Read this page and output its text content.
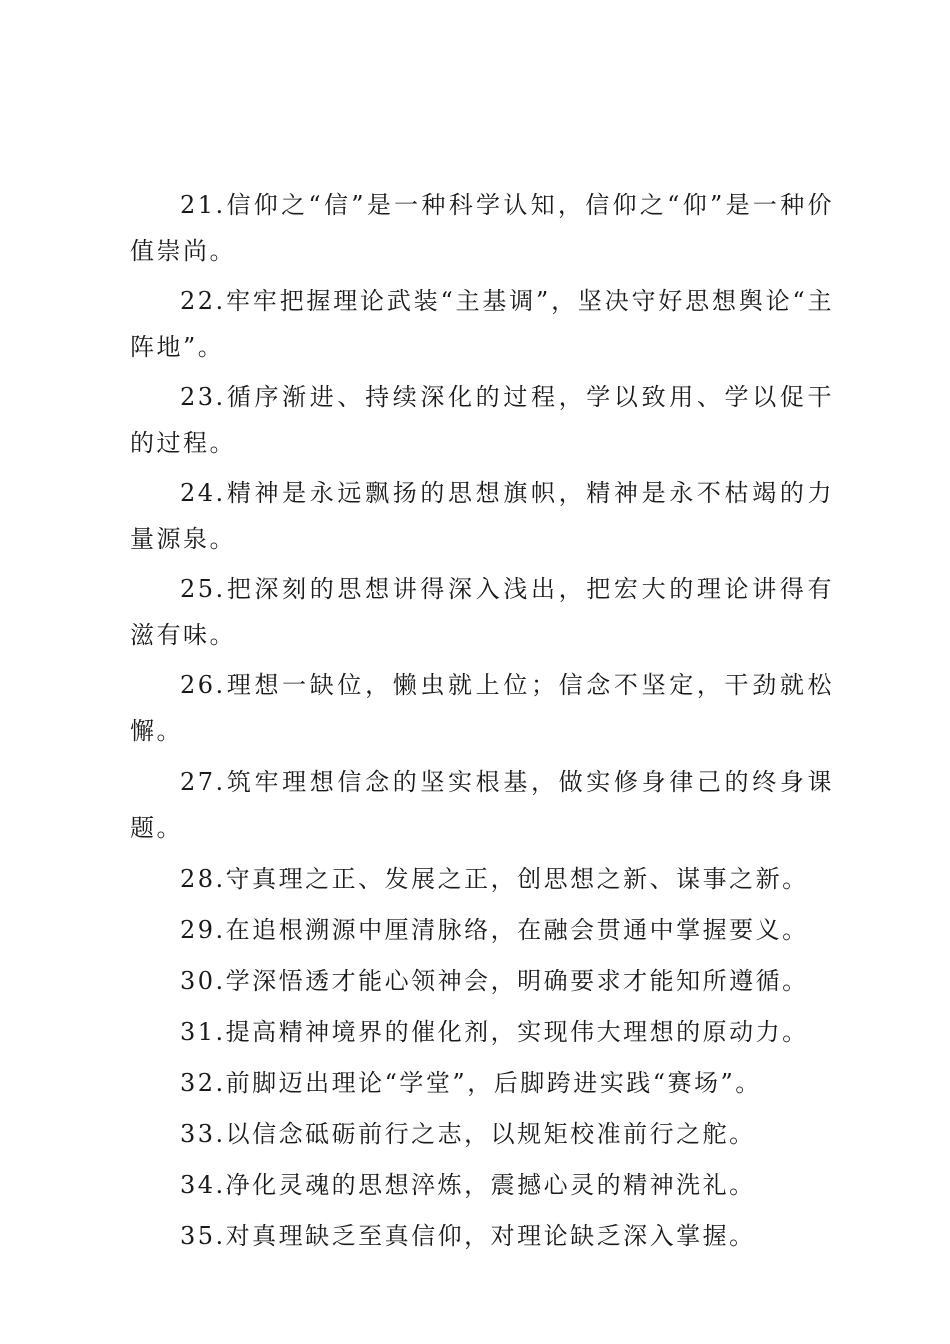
21.信仰之“信”是一种科学认知，信仰之“仰”是一种价值崇尚。

22.牢牢把握理论武装“主基调”，坚决守好思想舆论“主阵地”。

23.循序渐进、持续深化的过程，学以致用、学以促干的过程。

24.精神是永远飘扬的思想旗帜，精神是永不枯竭的力量源泉。

25.把深刻的思想讲得深入浅出，把宏大的理论讲得有滋有味。

26.理想一缺位，懒虫就上位；信念不坚定，干劲就松懈。

27.筑牢理想信念的坚实根基，做实修身律己的终身课题。

28.守真理之正、发展之正，创思想之新、谋事之新。

29.在追根溯源中厘清脉络，在融会贯通中掌握要义。

30.学深悟透才能心领神会，明确要求才能知所遵循。

31.提高精神境界的催化剂，实现伟大理想的原动力。

32.前脚迈出理论“学堂”，后脚跨进实践“赛场”。

33.以信念砥砺前行之志，以规矩校准前行之舵。

34.净化灵魂的思想淬炼，震撼心灵的精神洗礼。

35.对真理缺乏至真信仰，对理论缺乏深入掌握。
